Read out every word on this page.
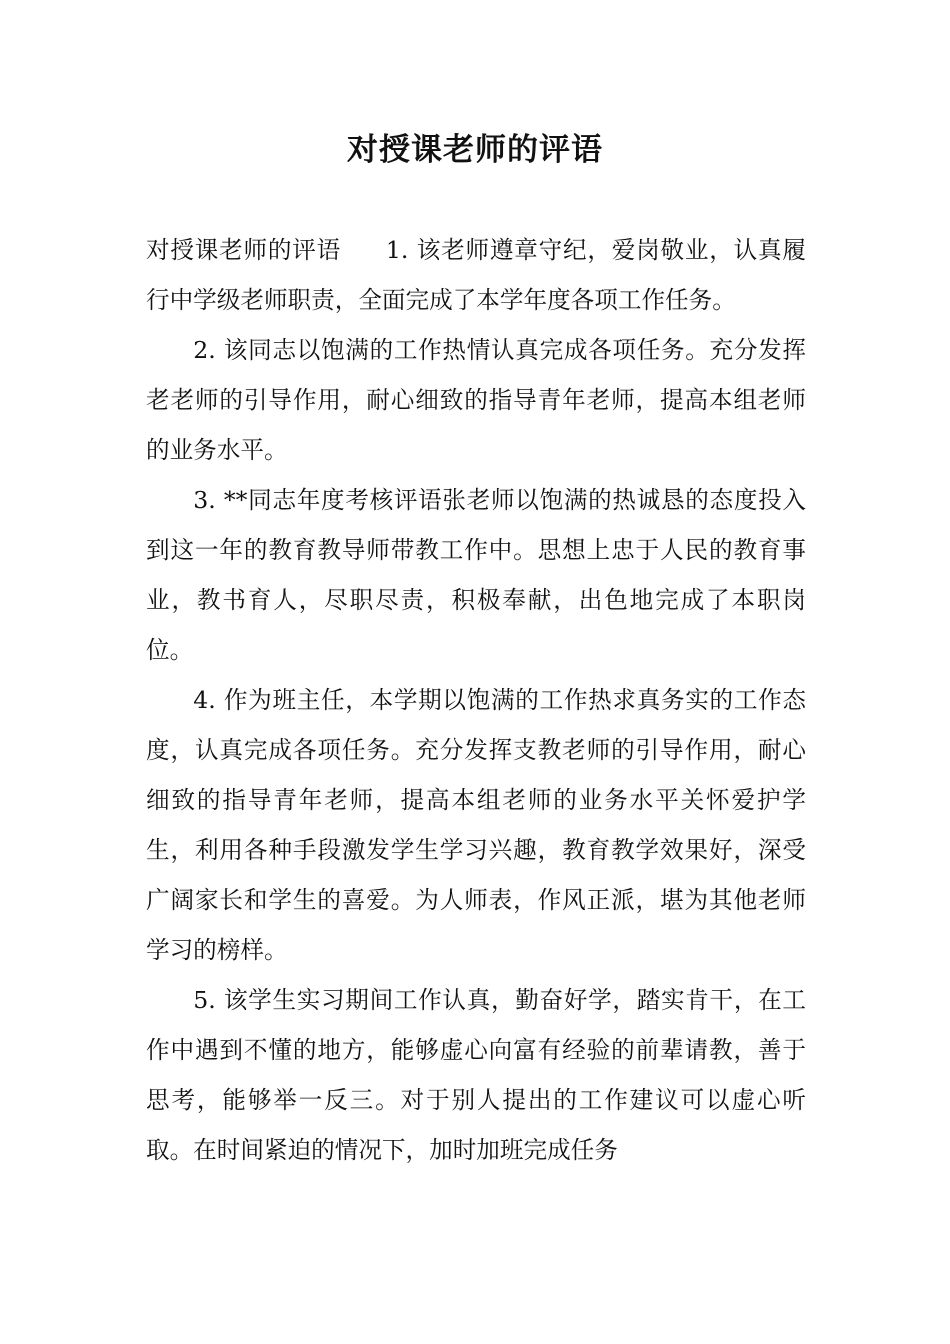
对授课老师的评语

对授课老师的评语 1. 该老师遵章守纪，爱岗敬业，认真履行中学级老师职责，全面完成了本学年度各项工作任务。

2. 该同志以饱满的工作热情认真完成各项任务。充分发挥老老师的引导作用，耐心细致的指导青年老师，提高本组老师的业务水平。

3. **同志年度考核评语张老师以饱满的热诚恳的态度投入到这一年的教育教导师带教工作中。思想上忠于人民的教育事业，教书育人，尽职尽责，积极奉献，出色地完成了本职岗位。

4. 作为班主任，本学期以饱满的工作热求真务实的工作态度，认真完成各项任务。充分发挥支教老师的引导作用，耐心细致的指导青年老师，提高本组老师的业务水平关怀爱护学生，利用各种手段激发学生学习兴趣，教育教学效果好，深受广阔家长和学生的喜爱。为人师表，作风正派，堪为其他老师学习的榜样。

5. 该学生实习期间工作认真，勤奋好学，踏实肯干，在工作中遇到不懂的地方，能够虚心向富有经验的前辈请教，善于思考，能够举一反三。对于别人提出的工作建议可以虚心听取。在时间紧迫的情况下，加时加班完成任务
